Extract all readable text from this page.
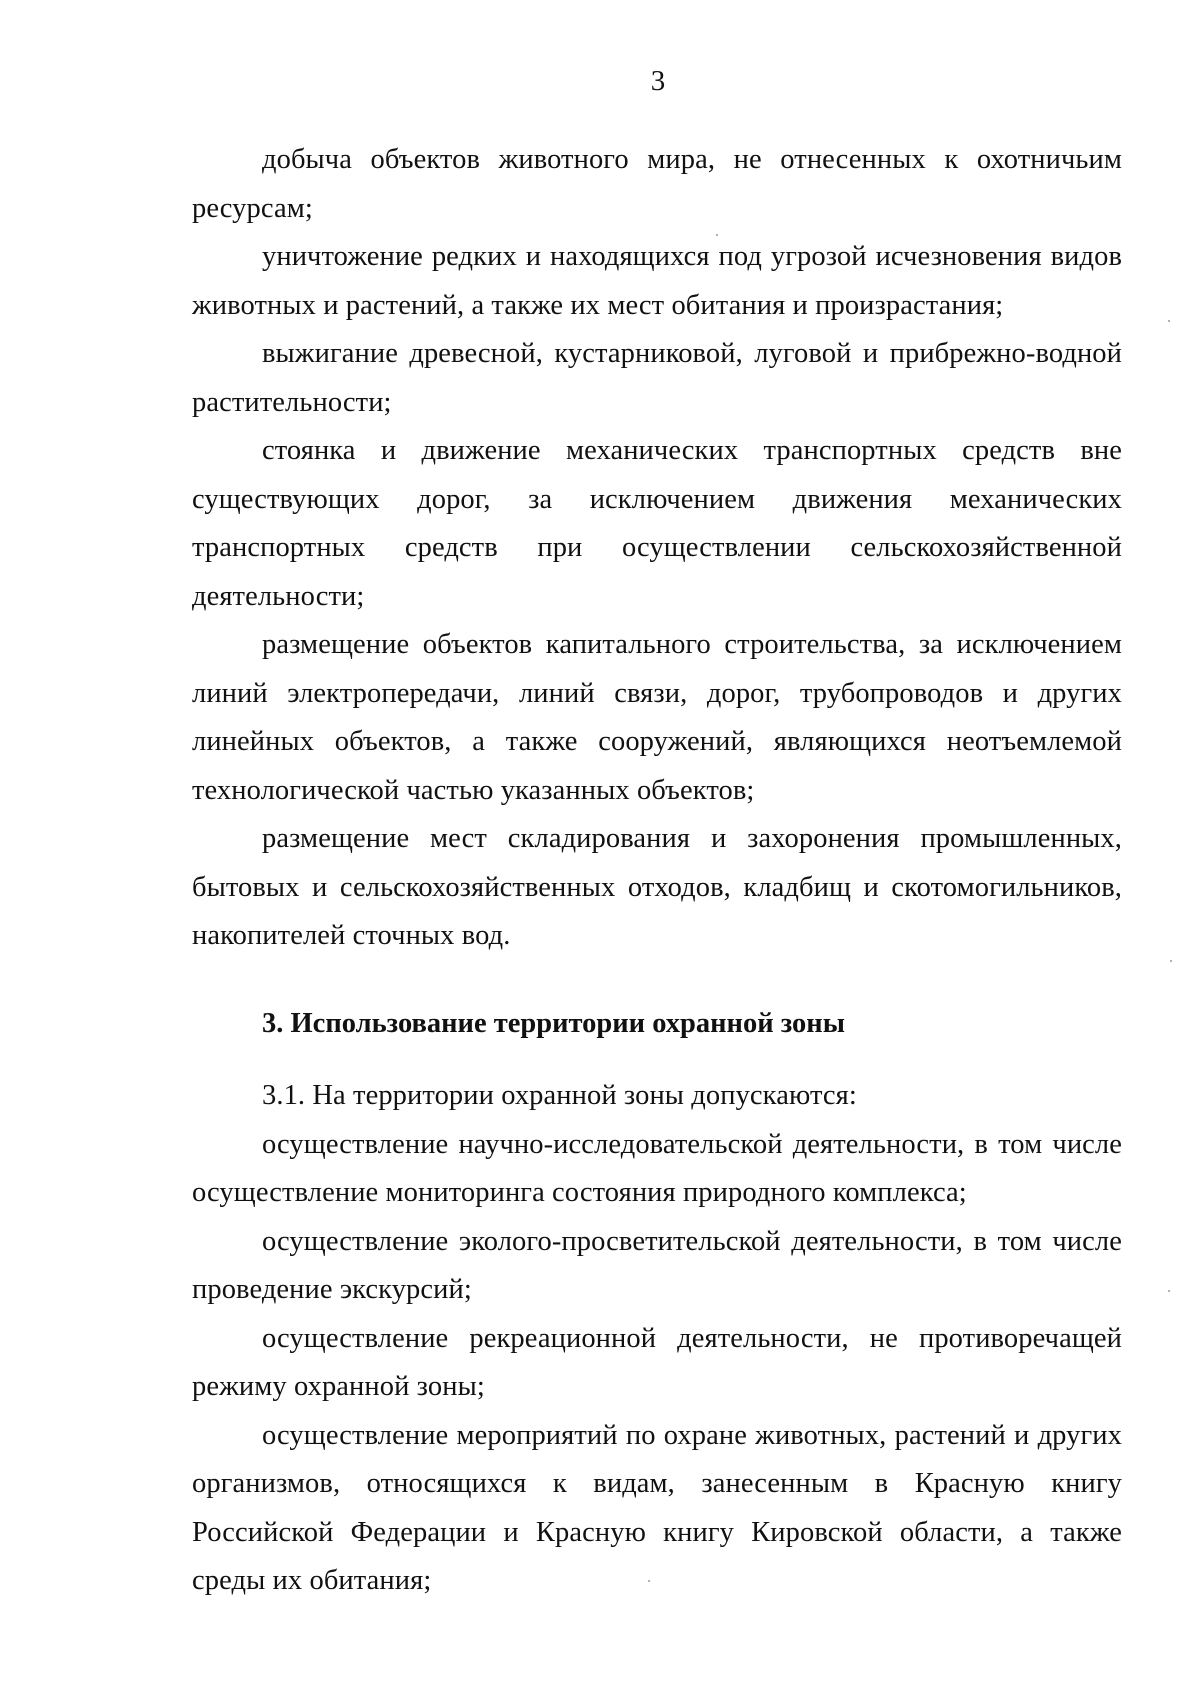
3

добыча объектов животного мира, не отнесенных к охотничьим ресурсам;

уничтожение редких и находящихся под угрозой исчезновения видов животных и растений, а также их мест обитания и произрастания;

выжигание древесной, кустарниковой, луговой и прибрежно-водной растительности;

стоянка и движение механических транспортных средств вне существующих дорог, за исключением движения механических транспортных средств при осуществлении сельскохозяйственной деятельности;

размещение объектов капитального строительства, за исключением линий электропередачи, линий связи, дорог, трубопроводов и других линейных объектов, а также сооружений, являющихся неотъемлемой технологической частью указанных объектов;

размещение мест складирования и захоронения промышленных, бытовых и сельскохозяйственных отходов, кладбищ и скотомогильников, накопителей сточных вод.

3. Использование территории охранной зоны

3.1. На территории охранной зоны допускаются:

осуществление научно-исследовательской деятельности, в том числе осуществление мониторинга состояния природного комплекса;

осуществление эколого-просветительской деятельности, в том числе проведение экскурсий;

осуществление рекреационной деятельности, не противоречащей режиму охранной зоны;

осуществление мероприятий по охране животных, растений и других организмов, относящихся к видам, занесенным в Красную книгу Российской Федерации и Красную книгу Кировской области, а также среды их обитания;
